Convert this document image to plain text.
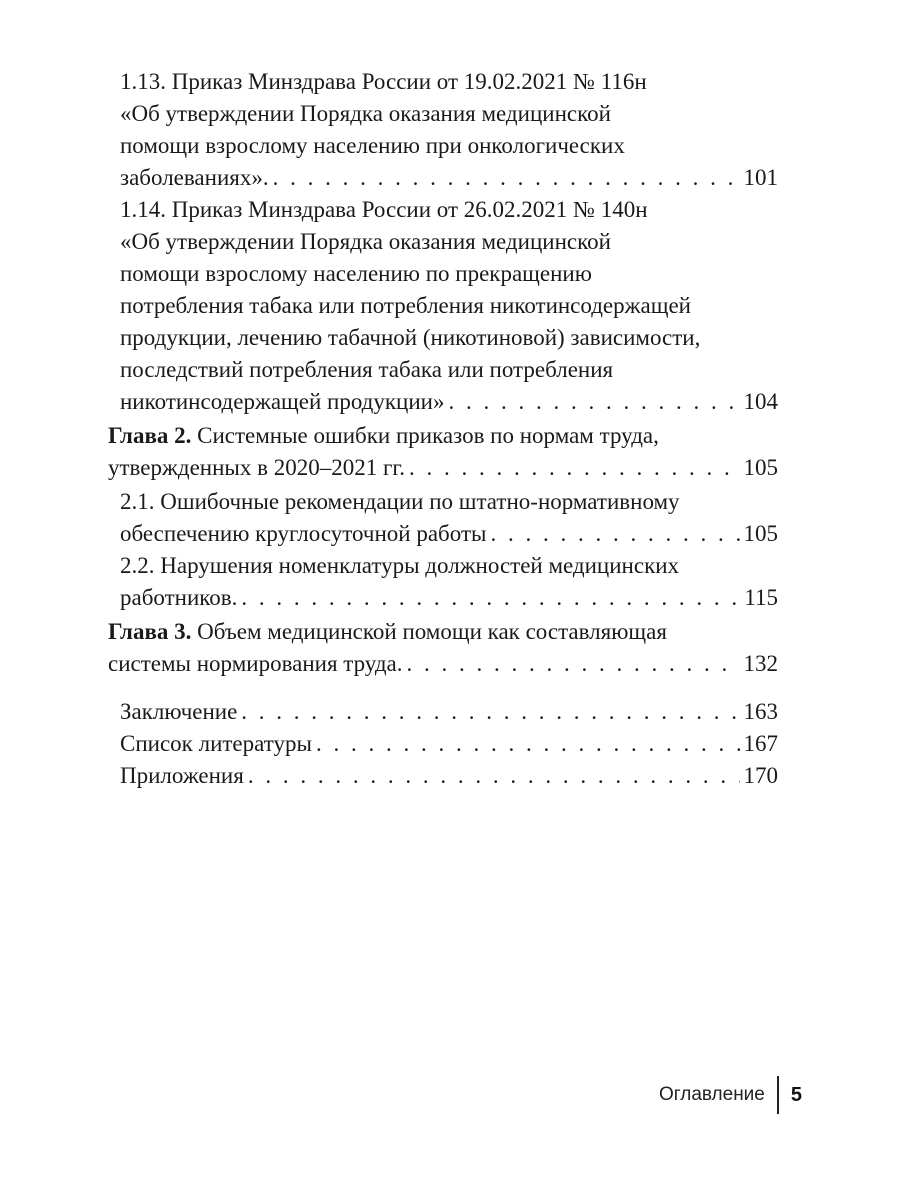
1.13. Приказ Минздрава России от 19.02.2021 № 116н
«Об утверждении Порядка оказания медицинской
помощи взрослому населению при онкологических
заболеваниях». . . .	101
1.14. Приказ Минздрава России от 26.02.2021 № 140н
«Об утверждении Порядка оказания медицинской
помощи взрослому населению по прекращению
потребления табака или потребления никотинсодержащей
продукции, лечению табачной (никотиновой) зависимости,
последствий потребления табака или потребления
никотинсодержащей продукции» . . .	104
Глава 2. Системные ошибки приказов по нормам труда,
утвержденных в 2020–2021 гг. . . .	105
2.1. Ошибочные рекомендации по штатно-нормативному
обеспечению круглосуточной работы . . .	105
2.2. Нарушения номенклатуры должностей медицинских
работников. . . .	115
Глава 3. Объем медицинской помощи как составляющая
системы нормирования труда. . . .	132
Заключение . . .	163
Список литературы . . .	167
Приложения . . .	170
Оглавление	5
